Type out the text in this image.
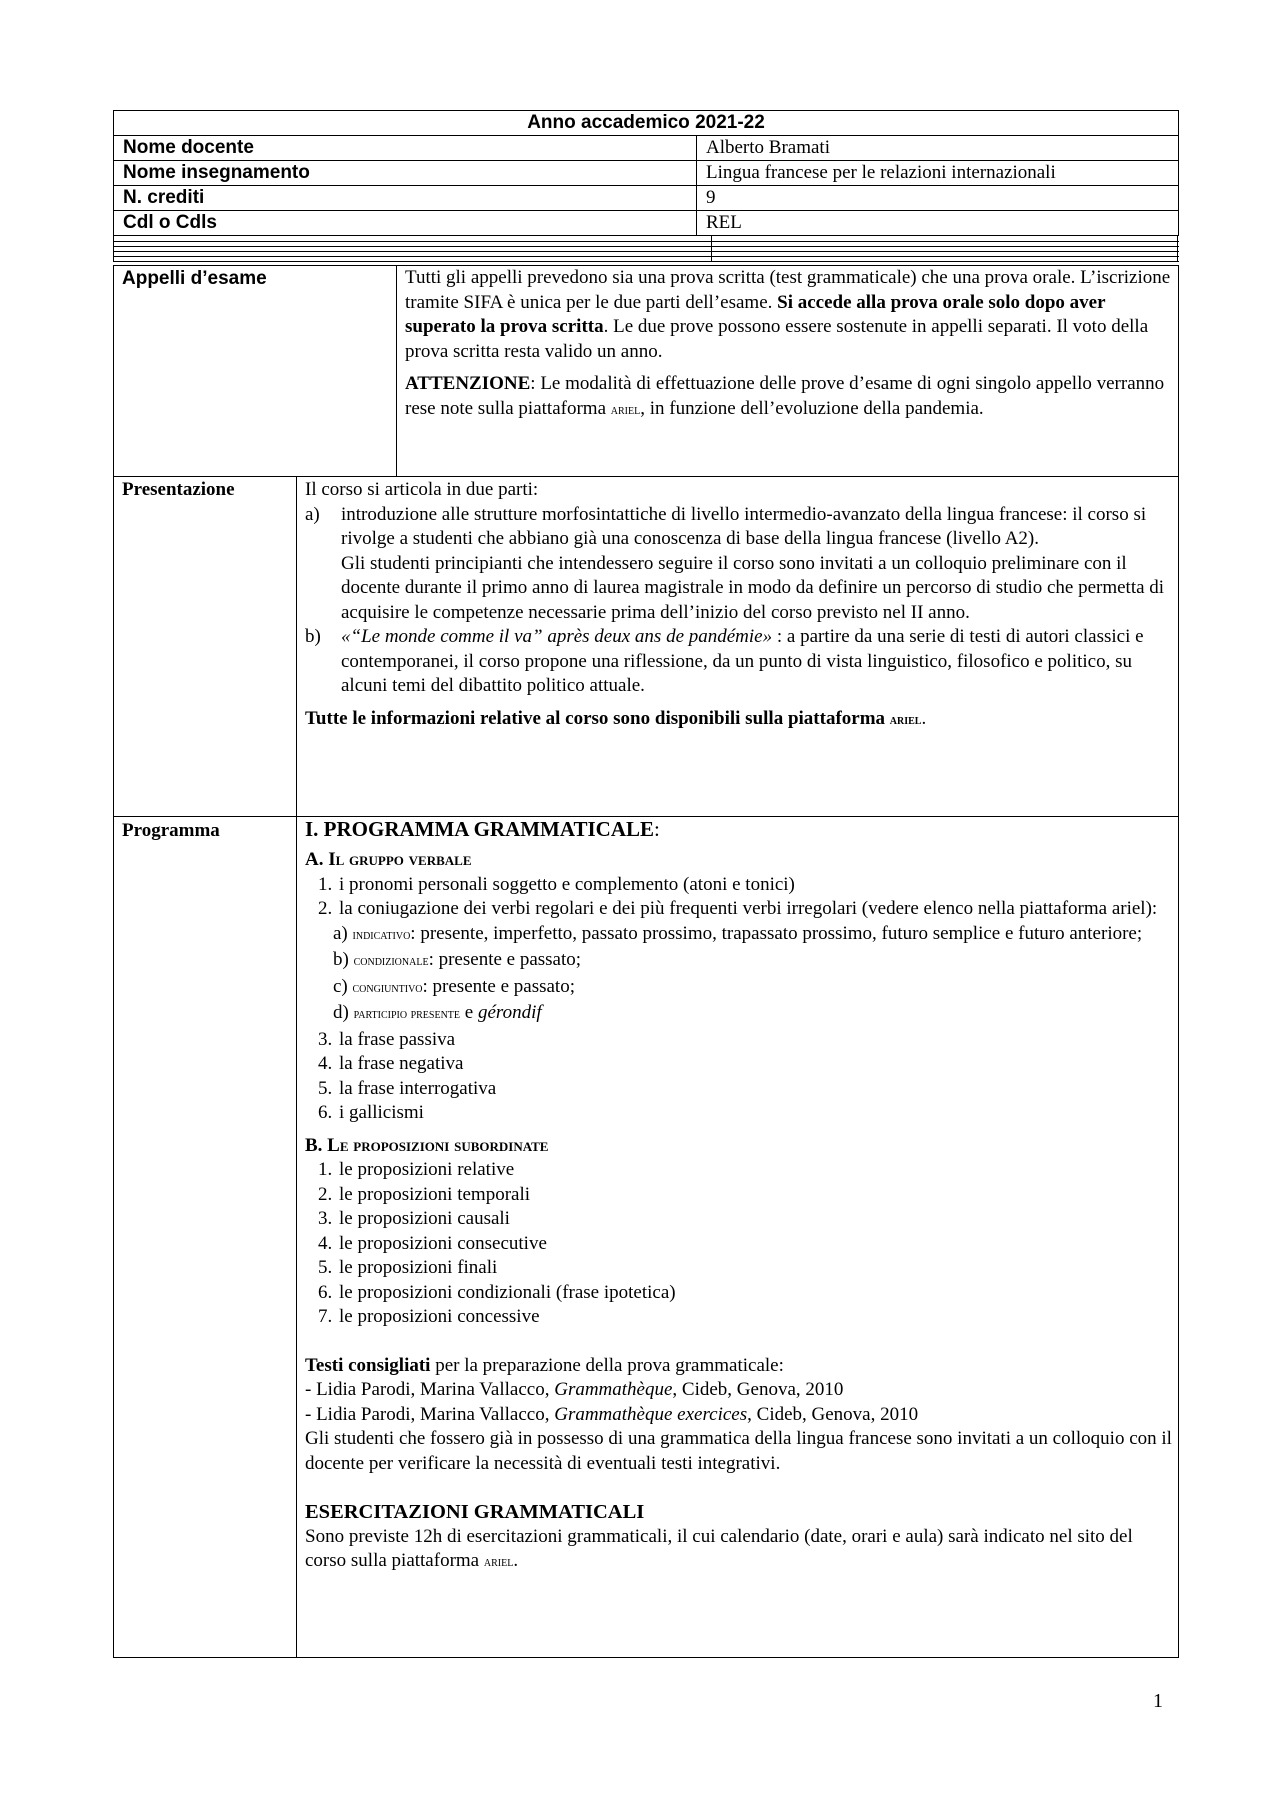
Anno accademico 2021-22	
Nome docente	Alberto Bramati
Nome insegnamento	Lingua francese per le relazioni internazionali
N. crediti	9
Cdl o Cdls	REL
Appelli d’esame	Tutti gli appelli prevedono sia una prova scritta (test grammaticale) che una prova orale. L’iscrizione tramite SIFA è unica per le due parti dell’esame. Si accede alla prova orale solo dopo aver superato la prova scritta. Le due prove possono essere sostenute in appelli separati. Il voto della prova scritta resta valido un anno.

ATTENZIONE: Le modalità di effettuazione delle prove d’esame di ogni singolo appello verranno rese note sulla piattaforma ariel, in funzione dell’evoluzione della pandemia.

Presentazione	Il corso si articola in due parti:

a) introduzione alle strutture morfosintattiche di livello intermedio-avanzato della lingua francese: il corso si rivolge a studenti che abbiano già una conoscenza di base della lingua francese (livello A2).

Gli studenti principianti che intendessero seguire il corso sono invitati a un colloquio preliminare con il docente durante il primo anno di laurea magistrale in modo da definire un percorso di studio che permetta di acquisire le competenze necessarie prima dell’inizio del corso previsto nel II anno.

b) «“Le monde comme il va” après deux ans de pandémie» : a partire da una serie di testi di autori classici e contemporanei, il corso propone una riflessione, da un punto di vista linguistico, filosofico e politico, su alcuni temi del dibattito politico attuale.

Tutte le informazioni relative al corso sono disponibili sulla piattaforma ariel.

Programma	I. PROGRAMMA GRAMMATICALE:

A. Il gruppo verbale

1. i pronomi personali soggetto e complemento (atoni e tonici)
2. la coniugazione dei verbi regolari e dei più frequenti verbi irregolari (vedere elenco nella piattaforma ariel):
a) indicativo: presente, imperfetto, passato prossimo, trapassato prossimo, futuro semplice e futuro anteriore;
b) condizionale: presente e passato;
c) congiuntivo: presente e passato;
d) participio presente e gérondif
3. la frase passiva
4. la frase negativa
5. la frase interrogativa
6. i gallicismi

B. Le proposizioni subordinate

1. le proposizioni relative
2. le proposizioni temporali
3. le proposizioni causali
4. le proposizioni consecutive
5. le proposizioni finali
6. le proposizioni condizionali (frase ipotetica)
7. le proposizioni concessive

Testi consigliati per la preparazione della prova grammaticale:

- Lidia Parodi, Marina Vallacco, Grammathèque, Cideb, Genova, 2010

- Lidia Parodi, Marina Vallacco, Grammathèque exercices, Cideb, Genova, 2010

Gli studenti che fossero già in possesso di una grammatica della lingua francese sono invitati a un colloquio con il docente per verificare la necessità di eventuali testi integrativi.

ESERCITAZIONI GRAMMATICALI

Sono previste 12h di esercitazioni grammaticali, il cui calendario (date, orari e aula) sarà indicato nel sito del corso sulla piattaforma ariel.

1
